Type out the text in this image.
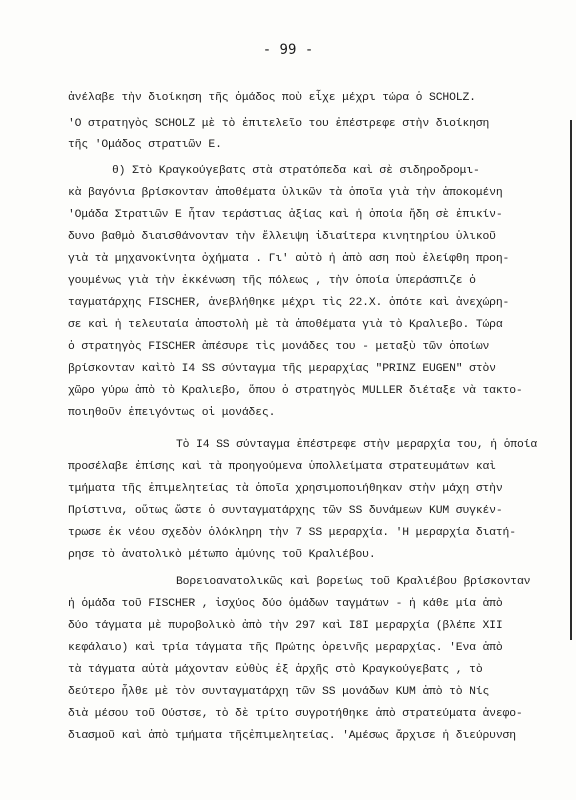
- 99 -
ἀνέλαβε τὴν διοίκηση τῆς ὁμάδος ποὺ εἶχε μέχρι τώρα ὁ SCHOLZ.
'Ο στρατηγὸς SCHOLZ μὲ τὸ ἐπιτελεῖο του ἐπέστρεφε στὴν διοίκηση
τῆς 'Ομάδος στρατιῶν Ε.
θ) Στὸ Κραγκούγεβατς στὰ στρατόπεδα καὶ σὲ σιδηροδρομι-
κὰ βαγόνια βρίσκονταν ἀποθέματα ὑλικῶν τὰ ὁποῖα γιὰ τὴν ἀποκομένη
'Ομάδα Στρατιῶν Ε ἦταν τεράστιας ἀξίας καὶ ἡ ὁποία ἤδη σὲ ἐπικίν-
δυνο βαθμὸ διαισθάνονταν τὴν ἔλλειψη ἰδιαίτερα κινητηρίου ὑλικοῦ
γιὰ τὰ μηχανοκίνητα ὀχήματα . Γι' αὐτὸ ἡ ἀπὸ αση ποὺ ἐλείφθη προη-
γουμένως γιὰ τὴν ἐκκένωση τῆς πόλεως , τὴν ὁποία ὑπεράσπιζε ὁ
ταγματάρχης FISCHER, ἀνεβλήθηκε μέχρι τὶς 22.X. ὁπότε καὶ ἀνεχώρη-
σε καὶ ἡ τελευταία ἀποστολὴ μὲ τὰ ἀποθέματα γιὰ τὸ Κραλιεβο. Τώρα
ὁ στρατηγὸς FISCHER ἀπέσυρε τὶς μονάδες του - μεταξὺ τῶν ὁποίων
βρίσκονταν καὶτὸ I4 SS σύνταγμα τῆς μεραρχίας "PRINZ EUGEN" στὸν
χῶρο γύρω ἀπὸ τὸ Κραλιεβο, ὅπου ὁ στρατηγὸς MULLER διέταξε νὰ τακτο-
ποιηθοῦν ἐπειγόντως οἱ μονάδες.
Τὸ I4 SS σύνταγμα ἐπέστρεφε στὴν μεραρχία του, ἡ ὁποία
προσέλαβε ἐπίσης καὶ τὰ προηγούμενα ὑπολλείματα στρατευμάτων καὶ
τμήματα τῆς ἐπιμελητείας τὰ ὁποῖα χρησιμοποιήθηκαν στὴν μάχη στὴν
Πρίστινα, οὕτως ὥστε ὁ συνταγματάρχης τῶν SS δυνάμεων KUM συγκέν-
τρωσε ἐκ νέου σχεδὸν ὁλόκληρη τὴν 7 SS μεραρχία. 'Η μεραρχία διατή-
ρησε τὸ ἀνατολικὸ μέτωπο ἀμύνης τοῦ Κραλιέβου.
Βορειοανατολικῶς καὶ βορείως τοῦ Κραλιέβου βρίσκονταν
ἡ ὁμάδα τοῦ FISCHER , ἰσχύος δύο ὁμάδων ταγμάτων - ἡ κάθε μία ἀπὸ
δύο τάγματα μὲ πυροβολικὸ ἀπὸ τὴν 297 καὶ I8I μεραρχία (βλέπε XII
κεφάλαιο) καὶ τρία τάγματα τῆς Πρώτης ὀρεινῆς μεραρχίας. 'Ενα ἀπὸ
τὰ τάγματα αὐτὰ μάχονταν εὐθὺς ἐξ ἀρχῆς στὸ Κραγκούγεβατς , τὸ
δεύτερο ἦλθε μὲ τὸν συνταγματάρχη τῶν SS μονάδων KUM ἀπὸ τὸ Νίς
διὰ μέσου τοῦ Ούστσε, τὸ δὲ τρίτο συγροτήθηκε ἀπὸ στρατεύματα ἀνεφο-
διασμοῦ καὶ ἀπὸ τμήματα τῆςἐπιμελητείας. 'Αμέσως ἄρχισε ἡ διεύρυνση
